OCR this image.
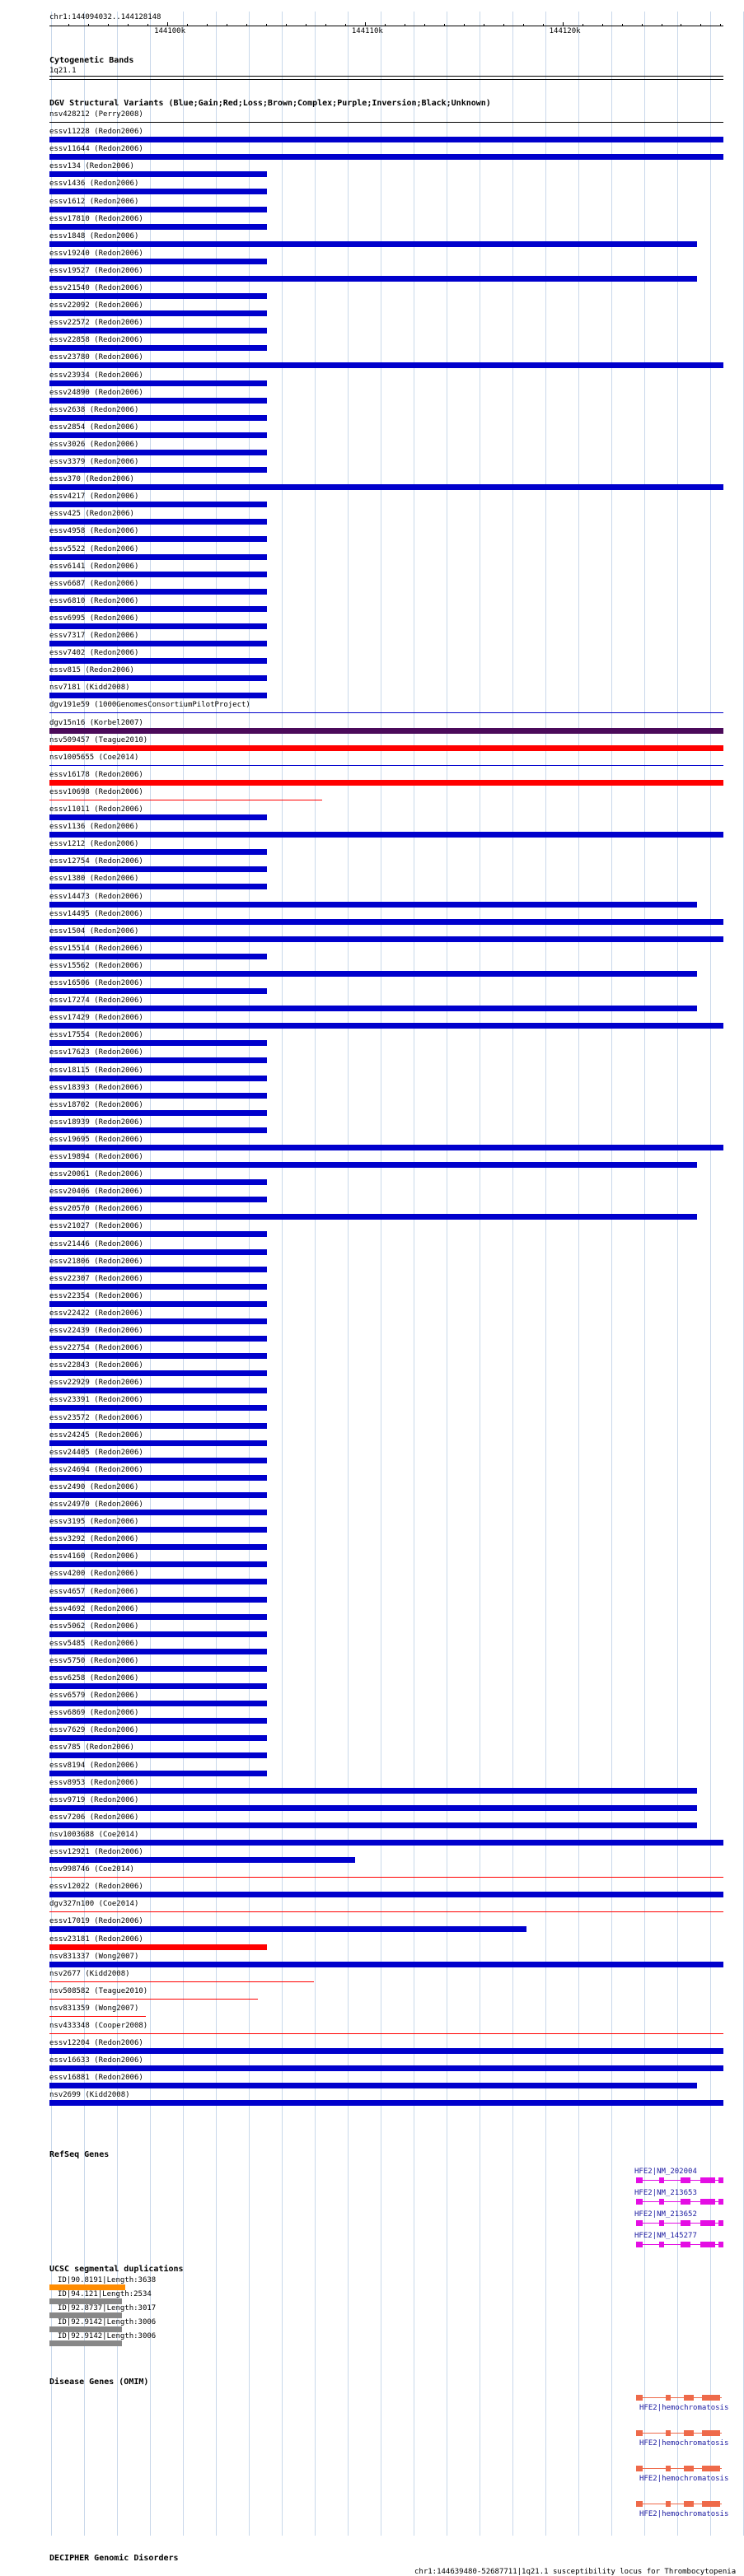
chr1:144094032..144128148
144100k	144110k	144120k
Cytogenetic Bands
1q21.1
DGV Structural Variants (Blue;Gain;Red;Loss;Brown;Complex;Purple;Inversion;Black;Unknown)
nsv428212 (Perry2008)
essv11228 (Redon2006)
essv11644 (Redon2006)
essv134 (Redon2006)
essv1436 (Redon2006)
essv1612 (Redon2006)
essv17810 (Redon2006)
essv1848 (Redon2006)
essv19240 (Redon2006)
essv19527 (Redon2006)
essv21540 (Redon2006)
essv22092 (Redon2006)
essv22572 (Redon2006)
essv22858 (Redon2006)
essv23780 (Redon2006)
essv23934 (Redon2006)
essv24890 (Redon2006)
essv2638 (Redon2006)
essv2854 (Redon2006)
essv3026 (Redon2006)
essv3379 (Redon2006)
essv370 (Redon2006)
essv4217 (Redon2006)
essv425 (Redon2006)
essv4958 (Redon2006)
essv5522 (Redon2006)
essv6141 (Redon2006)
essv6687 (Redon2006)
essv6810 (Redon2006)
essv6995 (Redon2006)
essv7317 (Redon2006)
essv7402 (Redon2006)
essv815 (Redon2006)
nsv7181 (Kidd2008)
dgv191e59 (1000GenomesConsortiumPilotProject)
dgv15n16 (Korbel2007)
nsv509457 (Teague2010)
nsv1005655 (Coe2014)
essv16178 (Redon2006)
essv10698 (Redon2006)
essv11011 (Redon2006)
essv1136 (Redon2006)
essv1212 (Redon2006)
essv12754 (Redon2006)
essv1380 (Redon2006)
essv14473 (Redon2006)
essv14495 (Redon2006)
essv1504 (Redon2006)
essv15514 (Redon2006)
essv15562 (Redon2006)
essv16506 (Redon2006)
essv17274 (Redon2006)
essv17429 (Redon2006)
essv17554 (Redon2006)
essv17623 (Redon2006)
essv18115 (Redon2006)
essv18393 (Redon2006)
essv18702 (Redon2006)
essv18939 (Redon2006)
essv19695 (Redon2006)
essv19894 (Redon2006)
essv20061 (Redon2006)
essv20406 (Redon2006)
essv20570 (Redon2006)
essv21027 (Redon2006)
essv21446 (Redon2006)
essv21806 (Redon2006)
essv22307 (Redon2006)
essv22354 (Redon2006)
essv22422 (Redon2006)
essv22439 (Redon2006)
essv22754 (Redon2006)
essv22843 (Redon2006)
essv22929 (Redon2006)
essv23391 (Redon2006)
essv23572 (Redon2006)
essv24245 (Redon2006)
essv24405 (Redon2006)
essv24694 (Redon2006)
essv2490 (Redon2006)
essv24970 (Redon2006)
essv3195 (Redon2006)
essv3292 (Redon2006)
essv4160 (Redon2006)
essv4200 (Redon2006)
essv4657 (Redon2006)
essv4692 (Redon2006)
essv5062 (Redon2006)
essv5485 (Redon2006)
essv5750 (Redon2006)
essv6258 (Redon2006)
essv6579 (Redon2006)
essv6869 (Redon2006)
essv7629 (Redon2006)
essv785 (Redon2006)
essv8194 (Redon2006)
essv8953 (Redon2006)
essv9719 (Redon2006)
essv7206 (Redon2006)
nsv1003688 (Coe2014)
essv12921 (Redon2006)
nsv998746 (Coe2014)
essv12022 (Redon2006)
dgv327n100 (Coe2014)
essv17019 (Redon2006)
essv23181 (Redon2006)
nsv831337 (Wong2007)
nsv2677 (Kidd2008)
nsv508582 (Teague2010)
nsv831359 (Wong2007)
nsv433348 (Cooper2008)
essv12204 (Redon2006)
essv16633 (Redon2006)
essv16881 (Redon2006)
nsv2699 (Kidd2008)
RefSeq Genes
HFE2|NM_202004
HFE2|NM_213653
HFE2|NM_213652
HFE2|NM_145277
UCSC segmental duplications
ID|90.8191|Length:3638
ID|94.121|Length:2534
ID|92.8737|Length:3017
ID|92.9142|Length:3006
ID|92.9142|Length:3006
Disease Genes (OMIM)
HFE2|hemochromatosis
HFE2|hemochromatosis
HFE2|hemochromatosis
HFE2|hemochromatosis
DECIPHER Genomic Disorders
chr1:144639480-52687711|1q21.1 susceptibility locus for Thrombocytopenia
